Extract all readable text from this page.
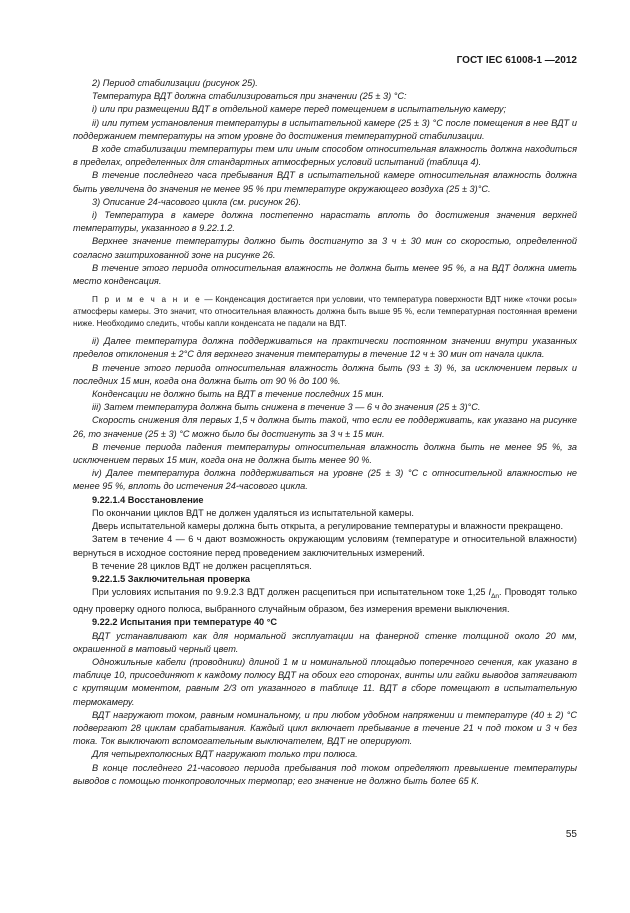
ГОСТ IEC 61008-1 —2012

2) Период стабилизации (рисунок 25).

Температура ВДТ должна стабилизироваться при значении (25 ± 3) °С:

i) или при размещении ВДТ в отдельной камере перед помещением в испытательную камеру;

ii) или путем установления температуры в испытательной камере (25 ± 3) °С после помещения в нее ВДТ и поддержанием температуры на этом уровне до достижения температурной стабилизации.

В ходе стабилизации температуры тем или иным способом относительная влажность должна находиться в пределах, определенных для стандартных атмосферных условий испытаний (таблица 4).

В течение последнего часа пребывания ВДТ в испытательной камере относительная влажность должна быть увеличена до значения не менее 95 % при температуре окружающего воздуха (25 ± 3)°С.

3) Описание 24-часового цикла (см. рисунок 26).

i) Температура в камере должна постепенно нарастать вплоть до достижения значения верхней температуры, указанного в 9.22.1.2.

Верхнее значение температуры должно быть достигнуто за 3 ч ± 30 мин со скоростью, определенной согласно заштрихованной зоне на рисунке 26.

В течение этого периода относительная влажность не должна быть менее 95 %, а на ВДТ должна иметь место конденсация.

П р и м е ч а н и е — Конденсация достигается при условии, что температура поверхности ВДТ ниже «точки росы» атмосферы камеры. Это значит, что относительная влажность должна быть выше 95 %, если температурная постоянная времени ниже. Необходимо следить, чтобы капли конденсата не падали на ВДТ.

ii) Далее температура должна поддерживаться на практически постоянном значении внутри указанных пределов отклонения ± 2°С для верхнего значения температуры в течение 12 ч ± 30 мин от начала цикла.

В течение этого периода относительная влажность должна быть (93 ± 3) %, за исключением первых и последних 15 мин, когда она должна быть от 90 % до 100 %.

Конденсации не должно быть на ВДТ в течение последних 15 мин.

iii) Затем температура должна быть снижена в течение 3 — 6 ч до значения (25 ± 3)°С.

Скорость снижения для первых 1,5 ч должна быть такой, что если ее поддерживать, как указано на рисунке 26, то значение (25 ± 3) °С можно было бы достигнуть за 3 ч ± 15 мин.

В течение периода падения температуры относительная влажность должна быть не менее 95 %, за исключением первых 15 мин, когда она не должна быть менее 90 %.

iv) Далее температура должна поддерживаться на уровне (25 ± 3) °С с относительной влажностью не менее 95 %, вплоть до истечения 24-часового цикла.

9.22.1.4 Восстановление

По окончании циклов ВДТ не должен удаляться из испытательной камеры.

Дверь испытательной камеры должна быть открыта, а регулирование температуры и влажности прекращено.

Затем в течение 4 — 6 ч дают возможность окружающим условиям (температуре и относительной влажности) вернуться в исходное состояние перед проведением заключительных измерений.

В течение 28 циклов ВДТ не должен расцепляться.

9.22.1.5 Заключительная проверка

При условиях испытания по 9.9.2.3 ВДТ должен расцепиться при испытательном токе 1,25 $I_{\Delta n}$. Проводят только одну проверку одного полюса, выбранного случайным образом, без измерения времени выключения.

9.22.2 Испытания при температуре 40 °С

ВДТ устанавливают как для нормальной эксплуатации на фанерной стенке толщиной около 20 мм, окрашенной в матовый черный цвет.

Одножильные кабели (проводники) длиной 1 м и номинальной площадью поперечного сечения, как указано в таблице 10, присоединяют к каждому полюсу ВДТ на обоих его сторонах, винты или гайки выводов затягивают с крутящим моментом, равным 2/3 от указанного в таблице 11. ВДТ в сборе помещают в испытательную термокамеру.

ВДТ нагружают током, равным номинальному, и при любом удобном напряжении и температуре (40 ± 2) °С подвергают 28 циклам срабатывания. Каждый цикл включает пребывание в течение 21 ч под током и 3 ч без тока. Ток выключают вспомогательным выключателем, ВДТ не оперируют.

Для четырехполюсных ВДТ нагружают только три полюса.

В конце последнего 21-часового периода пребывания под током определяют превышение температуры выводов с помощью тонкопроволочных термопар; его значение не должно быть более 65 К.

55
